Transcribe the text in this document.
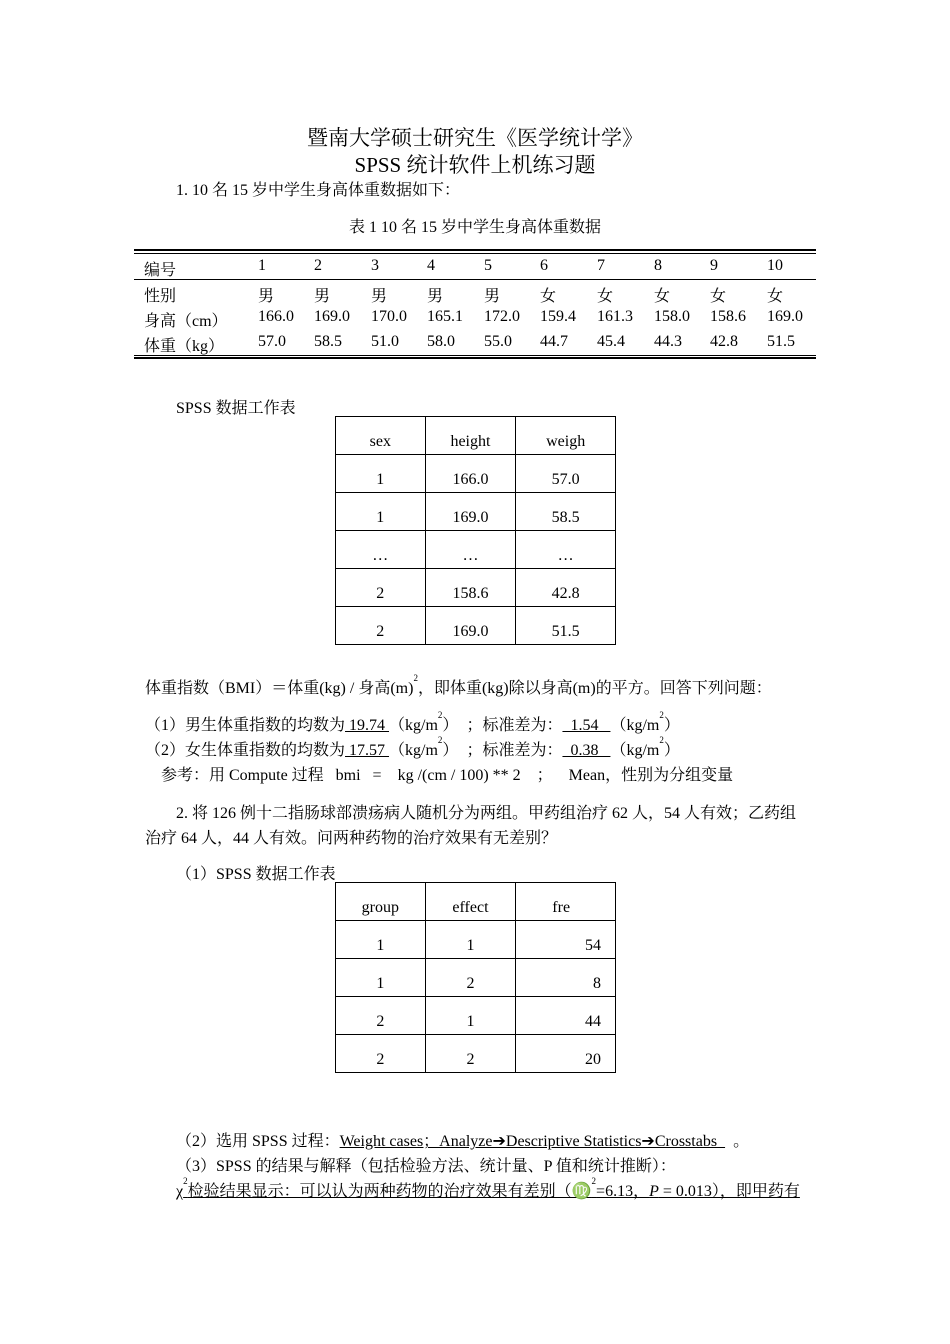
暨南大学硕士研究生《医学统计学》
SPSS 统计软件上机练习题
1. 10 名 15 岁中学生身高体重数据如下：
表 1 10 名 15 岁中学生身高体重数据
编号	1	2	3	4	5	6	7	8	9	10
性别	男 男	男 男	男 女	女	女 女	女
身高（cm） 166.0 169.0 170.0 165.1 172.0 159.4 161.3 158.0 158.6 169.0
体重（kg） 57.0 58.5 51.0 58.0 55.0 44.7 45.4 44.3 42.8 51.5
SPSS 数据工作表
sex	height	weigh

1	166.0	57.0

1	169.0	58.5

…	…	…

2	158.6	42.8

2	169.0	51.5
体重指数（BMI）＝体重(kg) / 身高$(m)^2$，即体重(kg)除以身高(m)的平方。回答下列问题：
（1）男生体重指数的均数为 19.74 $(kg/m^2)$  ；标准差为：  1.54   $(kg/m^2)$
（2）女生体重指数的均数为 17.57 $(kg/m^2)$  ；标准差为：  0.38   $(kg/m^2)$
参考：用 Compute 过程   bmi   =    kg /(cm / 100) ** 2    ；    Mean，性别为分组变量
2. 将 126 例十二指肠球部溃疡病人随机分为两组。甲药组治疗 62 人，54 人有效；乙药组
治疗 64 人，44 人有效。问两种药物的治疗效果有无差别？
（1）SPSS 数据工作表
group	effect	fre

1	1	54

1	2	8

2	1	44

2	2	20
（2）选用 SPSS 过程：Weight cases；Analyze➔Descriptive Statistics➔Crosstabs    。
（3）SPSS 的结果与解释（包括检验方法、统计量、P 值和统计推断）：
$\chi^2$检验结果显示：可以认为两种药物的治疗效果有差别（♍$^2$=6.13，P = 0.013），即甲药有
